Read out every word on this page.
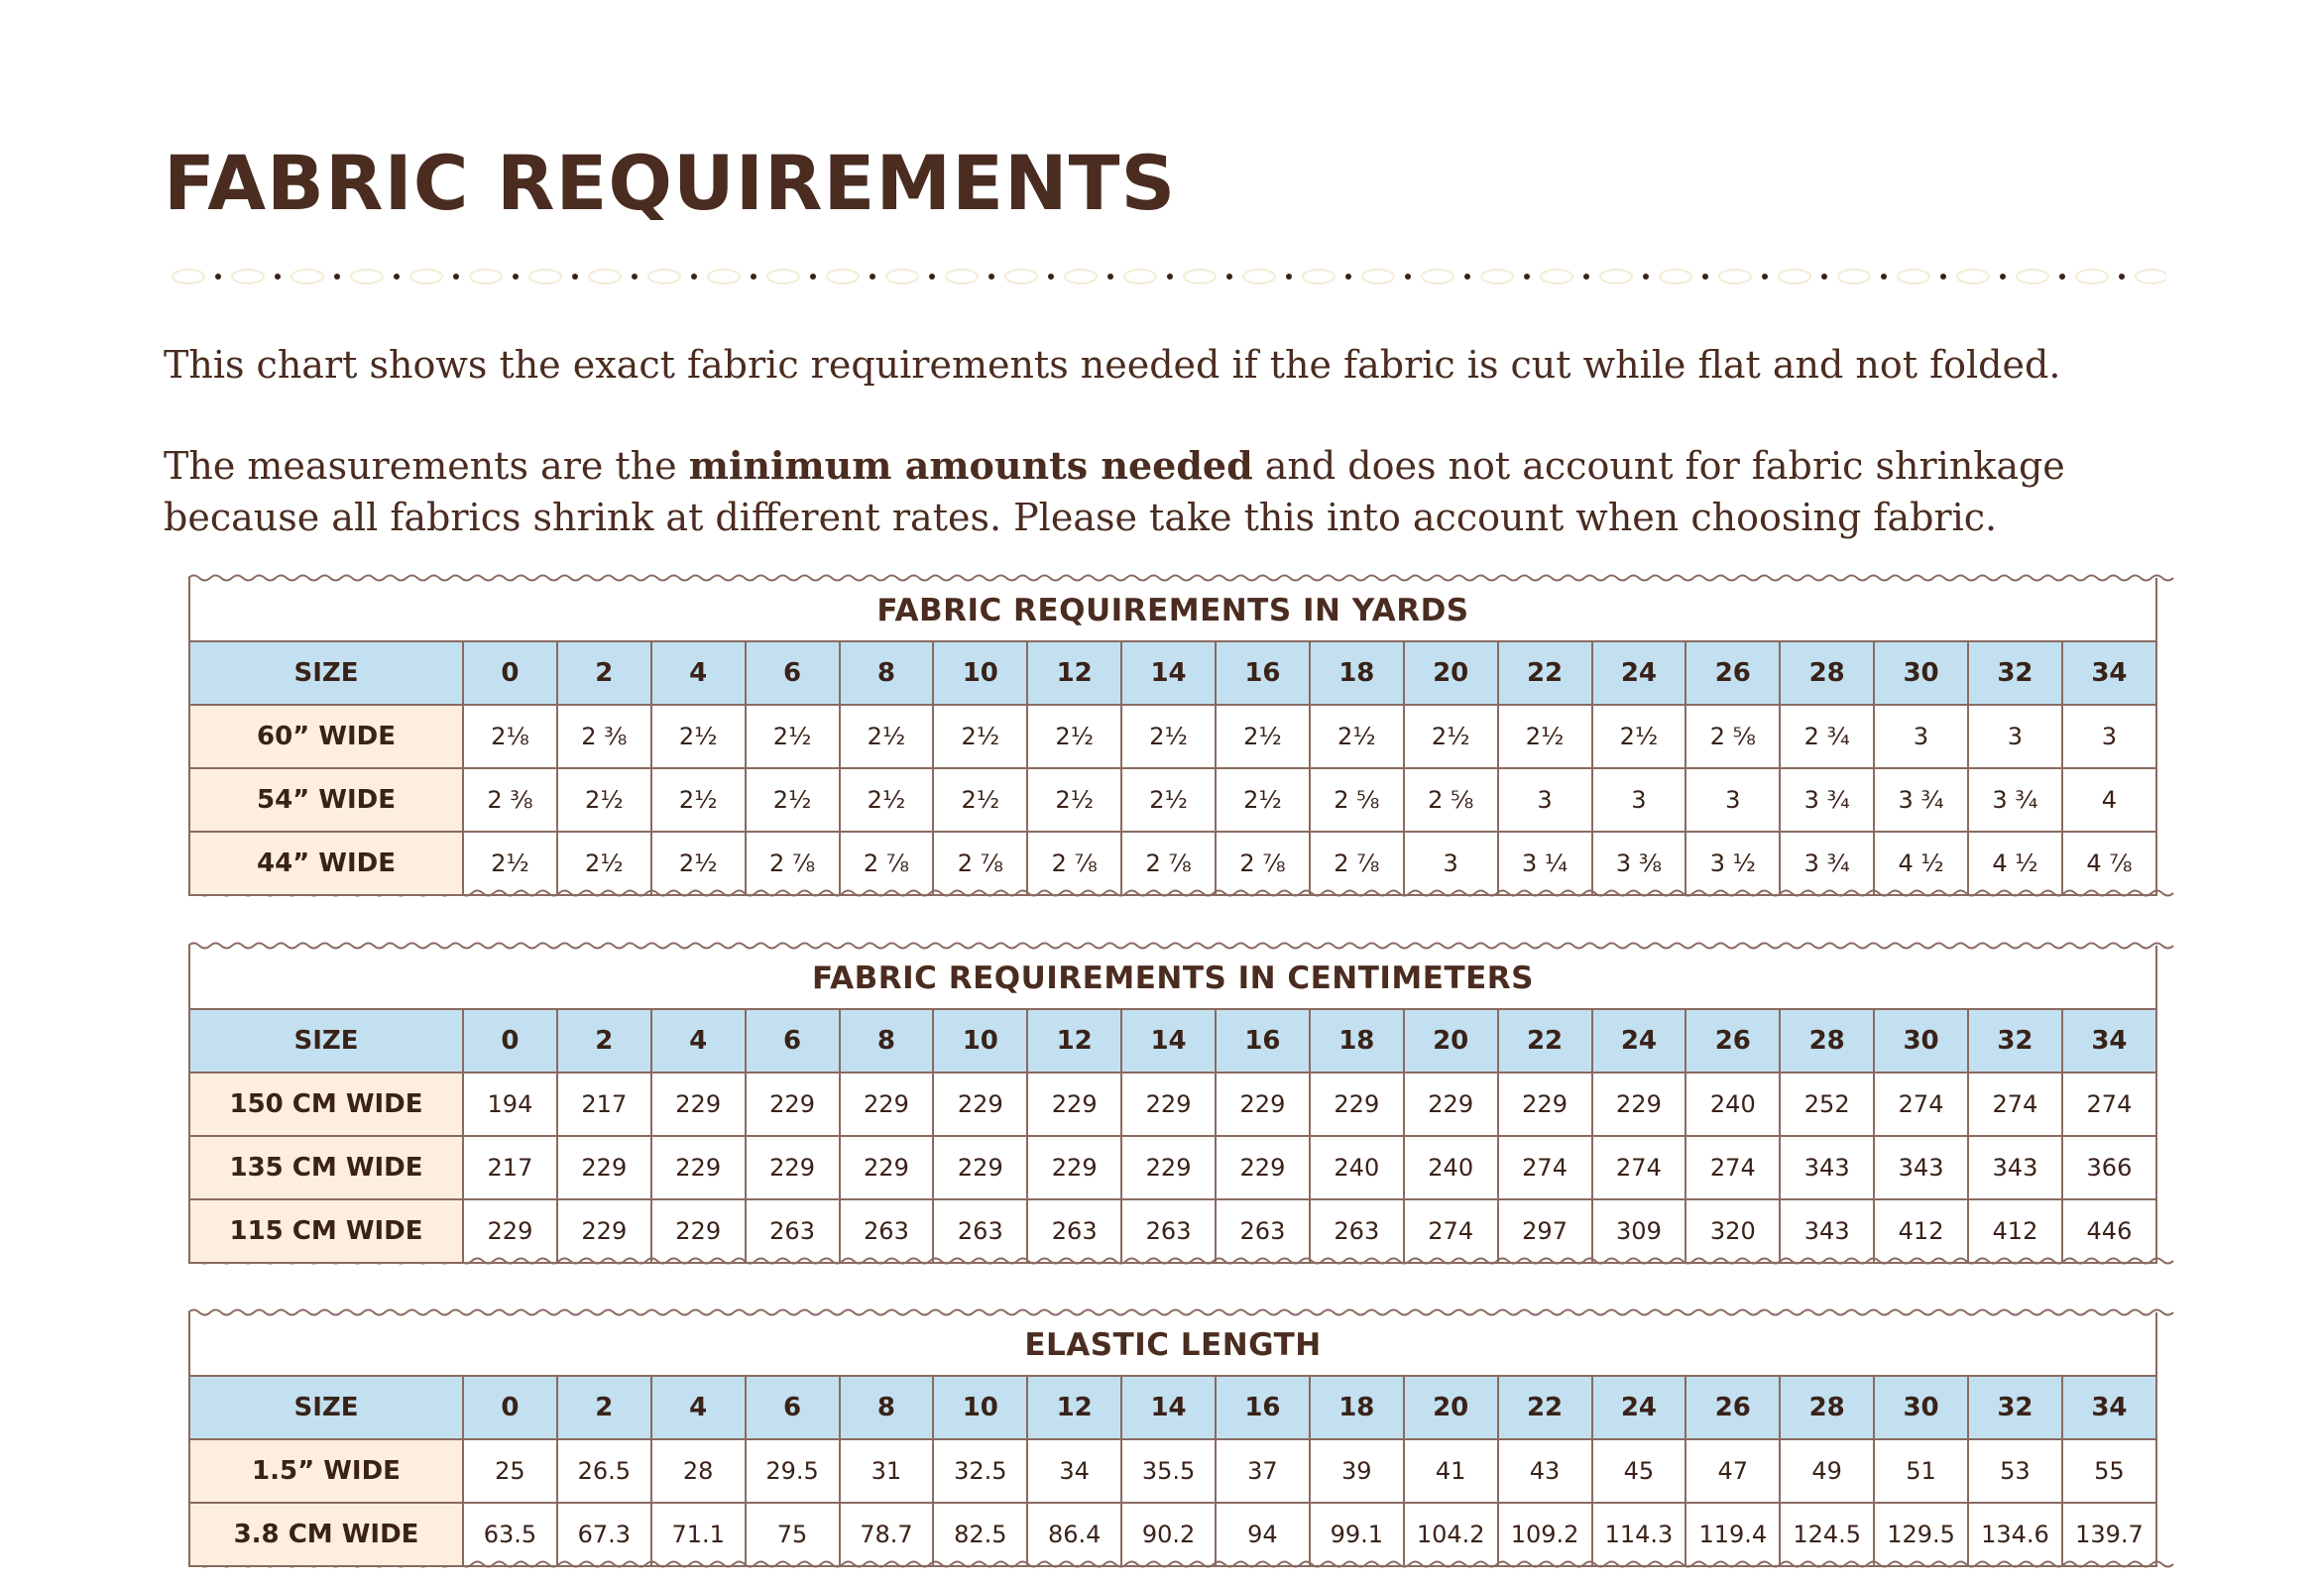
FABRIC REQUIREMENTS

This chart shows the exact fabric requirements needed if the fabric is cut while flat and not folded.

The measurements are the minimum amounts needed and does not account for fabric shrinkage because all fabrics shrink at different rates. Please take this into account when choosing fabric.

FABRIC REQUIREMENTS IN YARDS
SIZE	0	2	4	6	8	10	12	14	16	18	20	22	24	26	28	30	32	34
60” WIDE	2⅛	2 ⅜	2½	2½	2½	2½	2½	2½	2½	2½	2½	2½	2½	2 ⅝	2 ¾	3	3	3
54” WIDE	2 ⅜	2½	2½	2½	2½	2½	2½	2½	2½	2 ⅝	2 ⅝	3	3	3	3 ¾	3 ¾	3 ¾	4
44” WIDE	2½	2½	2½	2 ⅞	2 ⅞	2 ⅞	2 ⅞	2 ⅞	2 ⅞	2 ⅞	3	3 ¼	3 ⅜	3 ½	3 ¾	4 ½	4 ½	4 ⅞
FABRIC REQUIREMENTS IN CENTIMETERS
SIZE	0	2	4	6	8	10	12	14	16	18	20	22	24	26	28	30	32	34
150 CM WIDE	194	217	229	229	229	229	229	229	229	229	229	229	229	240	252	274	274	274
135 CM WIDE	217	229	229	229	229	229	229	229	229	240	240	274	274	274	343	343	343	366
115 CM WIDE	229	229	229	263	263	263	263	263	263	263	274	297	309	320	343	412	412	446
ELASTIC LENGTH
SIZE	0	2	4	6	8	10	12	14	16	18	20	22	24	26	28	30	32	34
1.5” WIDE	25	26.5	28	29.5	31	32.5	34	35.5	37	39	41	43	45	47	49	51	53	55
3.8 CM WIDE	63.5	67.3	71.1	75	78.7	82.5	86.4	90.2	94	99.1	104.2	109.2	114.3	119.4	124.5	129.5	134.6	139.7
